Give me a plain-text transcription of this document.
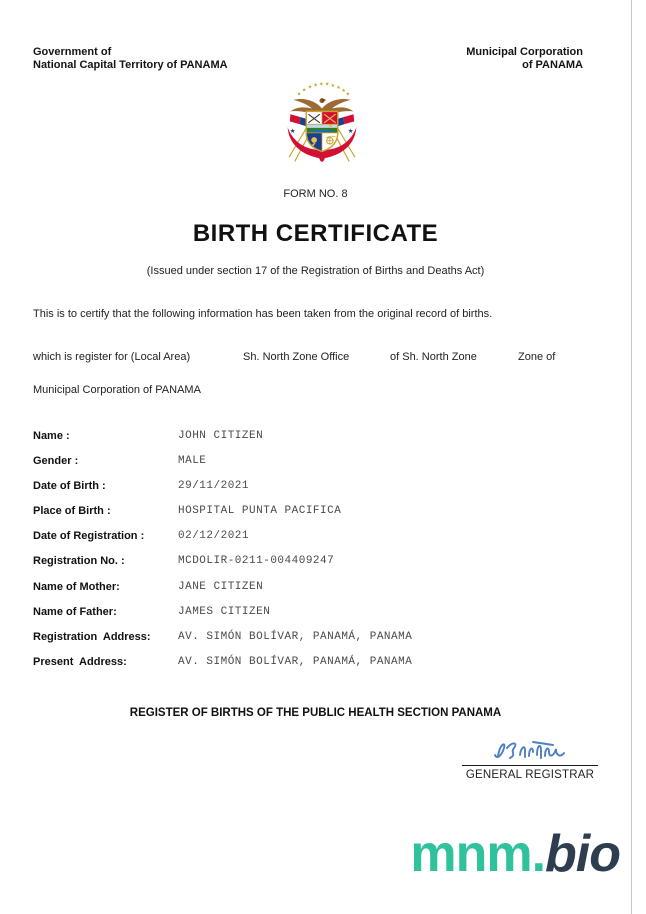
Government of
National Capital Territory of PANAMA
Municipal Corporation
of PANAMA
★
★ ★ ★ ★ ★ ★ ★ ★
★
★	★
FORM NO. 8
BIRTH CERTIFICATE
(Issued under section 17 of the Registration of Births and Deaths Act)
This is to certify that the following information has been taken from the original record of births.
which is register for (Local Area)	Sh. North Zone Office	of Sh. North Zone	Zone of
Municipal Corporation of PANAMA
Name :	JOHN CITIZEN
Gender :	MALE
Date of Birth :	29/11/2021
Place of Birth :	HOSPITAL PUNTA PACIFICA
Date of Registration :	02/12/2021
Registration No. :	MCDOLIR-0211-004409247
Name of Mother:	JANE CITIZEN
Name of Father:	JAMES CITIZEN
Registration  Address:	AV. SIMÓN BOLÍVAR, PANAMÁ, PANAMA
Present  Address:	AV. SIMÓN BOLÍVAR, PANAMÁ, PANAMA
REGISTER OF BIRTHS OF THE PUBLIC HEALTH SECTION PANAMA
GENERAL REGISTRAR
mnm.bio
